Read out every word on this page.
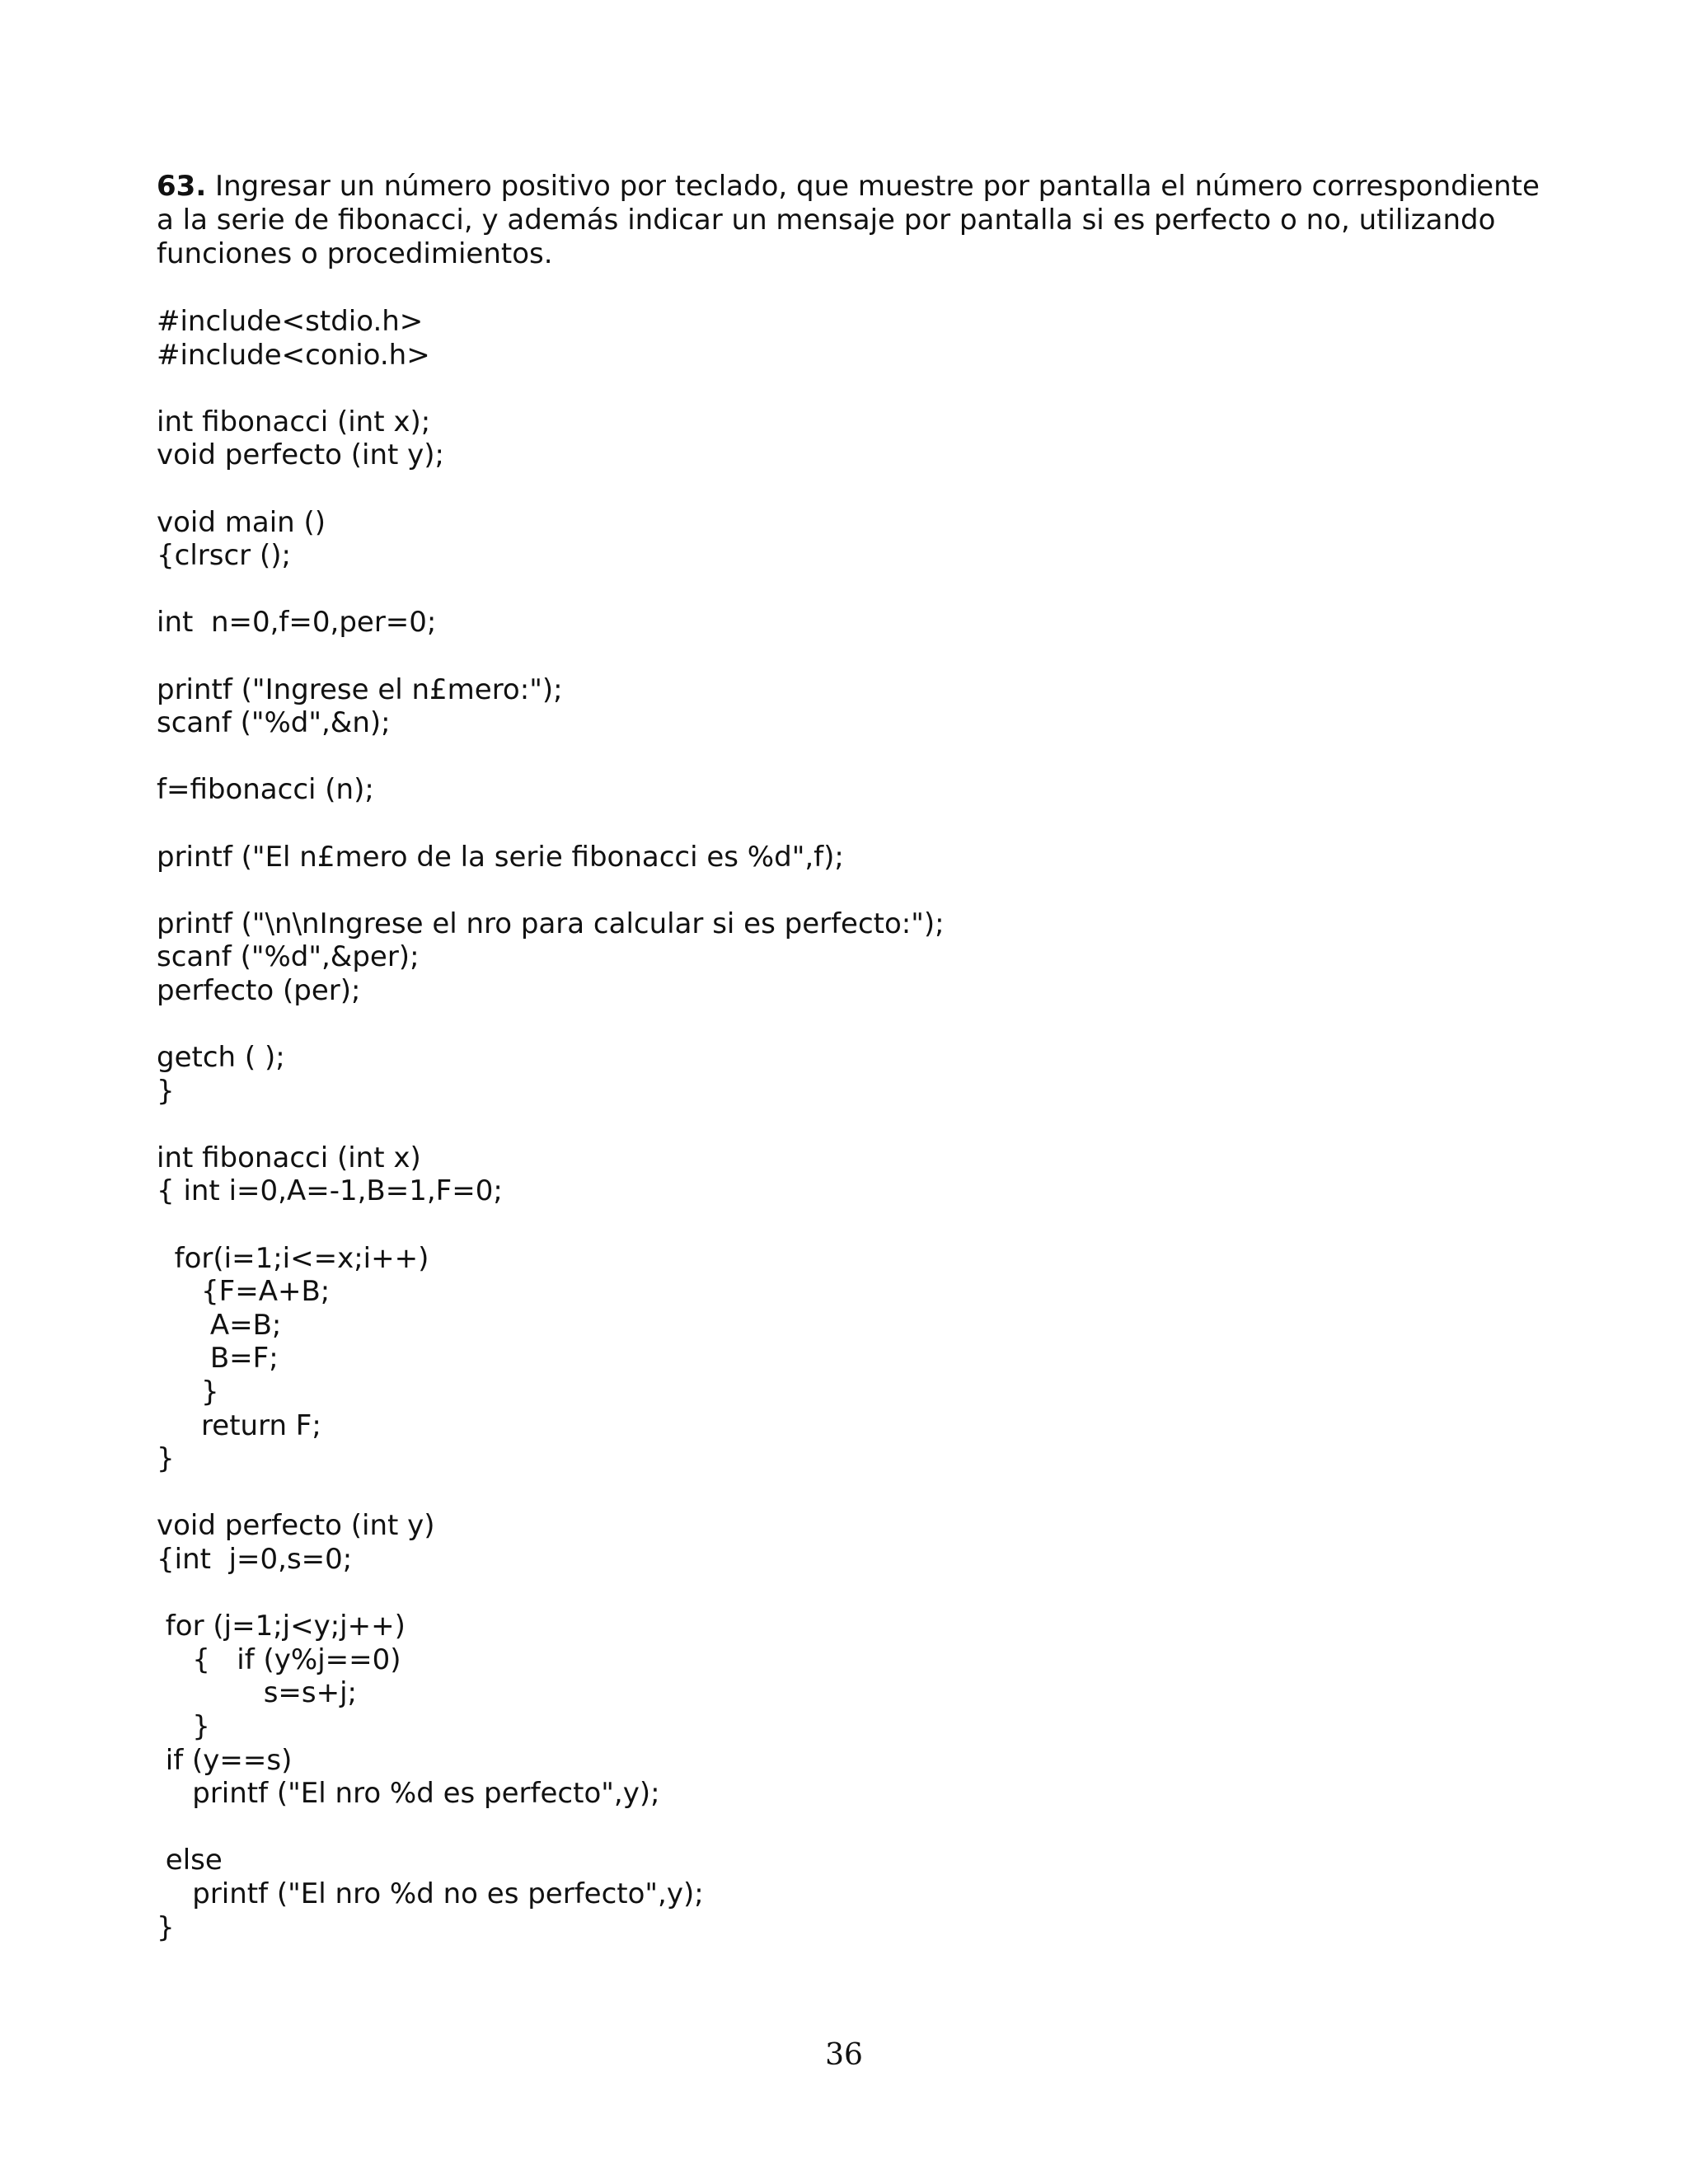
63. Ingresar un número positivo por teclado, que muestre por pantalla el número correspondiente
a la serie de fibonacci, y además indicar un mensaje por pantalla si es perfecto o no, utilizando
funciones o procedimientos.
#include<stdio.h>
#include<conio.h>
int fibonacci (int x);
void perfecto (int y);
void main ()
{clrscr ();
int  n=0,f=0,per=0;
printf ("Ingrese el n£mero:");
scanf ("%d",&n);
f=fibonacci (n);
printf ("El n£mero de la serie fibonacci es %d",f);
printf ("\n\nIngrese el nro para calcular si es perfecto:");
scanf ("%d",&per);
perfecto (per);
getch ( );
}
int fibonacci (int x)
{ int i=0,A=-1,B=1,F=0;
for(i=1;i<=x;i++)
{F=A+B;
A=B;
B=F;
}
return F;
}
void perfecto (int y)
{int  j=0,s=0;
for (j=1;j<y;j++)
{   if (y%j==0)
s=s+j;
}
if (y==s)
printf ("El nro %d es perfecto",y);
else
printf ("El nro %d no es perfecto",y);
}
36
